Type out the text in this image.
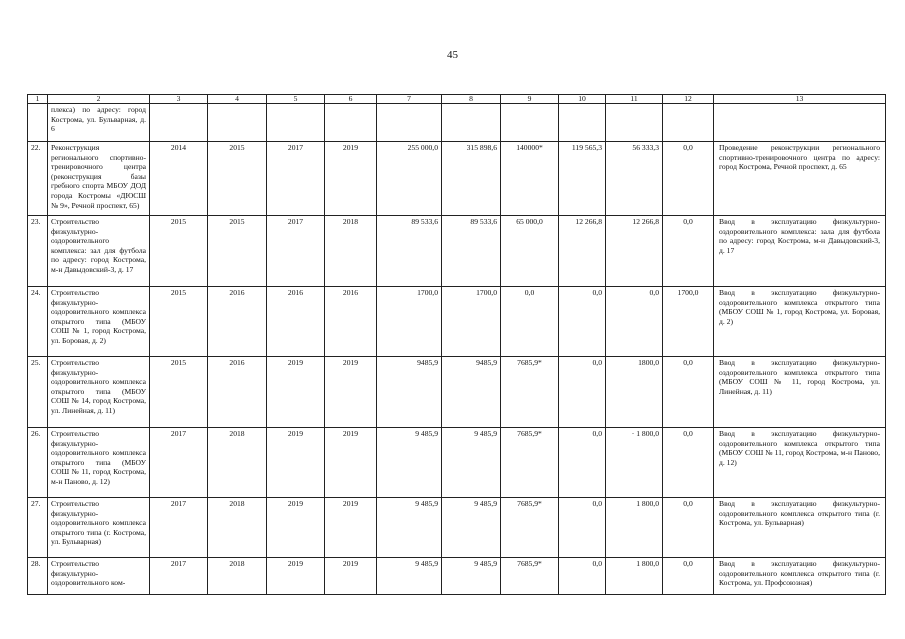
45
1	2	3	4	5	6	7	8	9	10	11	12	13
	плекса) по адресу: город Кострома, ул. Бульварная, д. 6											
22.	Реконструкция регионального спортивно-тренировочного центра (реконструкция базы гребного спорта МБОУ ДОД города Костромы «ДЮСШ № 9», Речной проспект, 65)	2014	2015	2017	2019	255 000,0	315 898,6	140000*	119 565,3	56 333,3	0,0	Проведение реконструкции регионального спортивно-тренировочного центра по адресу: город Кострома, Речной проспект, д. 65
23.	Строительство физкультурно-оздоровительного комплекса: зал для футбола по адресу: город Кострома, м-н Давыдовский-3, д. 17	2015	2015	2017	2018	89 533,6	89 533,6	65 000,0	12 266,8	12 266,8	0,0	Ввод в эксплуатацию физкультурно-оздоровительного комплекса: зала для футбола по адресу: город Кострома, м-н Давыдовский-3, д. 17
24.	Строительство физкультурно-оздоровительного комплекса открытого типа (МБОУ СОШ № 1, город Кострома, ул. Боровая, д. 2)	2015	2016	2016	2016	1700,0	1700,0	0,0	0,0	0,0	1700,0	Ввод в эксплуатацию физкультурно-оздоровительного комплекса открытого типа (МБОУ СОШ № 1, город Кострома, ул. Боровая, д. 2)
25.	Строительство физкультурно-оздоровительного комплекса открытого типа (МБОУ СОШ № 14, город Кострома, ул. Линейная, д. 11)	2015	2016	2019	2019	9485,9	9485,9	7685,9*	0,0	1800,0	0,0	Ввод в эксплуатацию физкультурно-оздоровительного комплекса открытого типа (МБОУ СОШ № 11, город Кострома, ул. Линейная, д. 11)
26.	Строительство физкультурно-оздоровительного комплекса открытого типа (МБОУ СОШ № 11, город Кострома, м-н Паново, д. 12)	2017	2018	2019	2019	9 485,9	9 485,9	7685,9*	0,0	· 1 800,0	0,0	Ввод в эксплуатацию физкультурно-оздоровительного комплекса открытого типа (МБОУ СОШ № 11, город Кострома, м-н Паново, д. 12)
27.	Строительство физкультурно-оздоровительного комплекса открытого типа (г. Кострома, ул. Бульварная)	2017	2018	2019	2019	9 485,9	9 485,9	7685,9*	0,0	1 800,0	0,0	Ввод в эксплуатацию физкультурно-оздоровительного комплекса открытого типа (г. Кострома, ул. Бульварная)
28.	Строительство физкультурно-оздоровительного ком-	2017	2018	2019	2019	9 485,9	9 485,9	7685,9*	0,0	1 800,0	0,0	Ввод в эксплуатацию физкультурно-оздоровительного комплекса открытого типа (г. Кострома, ул. Профсоюзная)
